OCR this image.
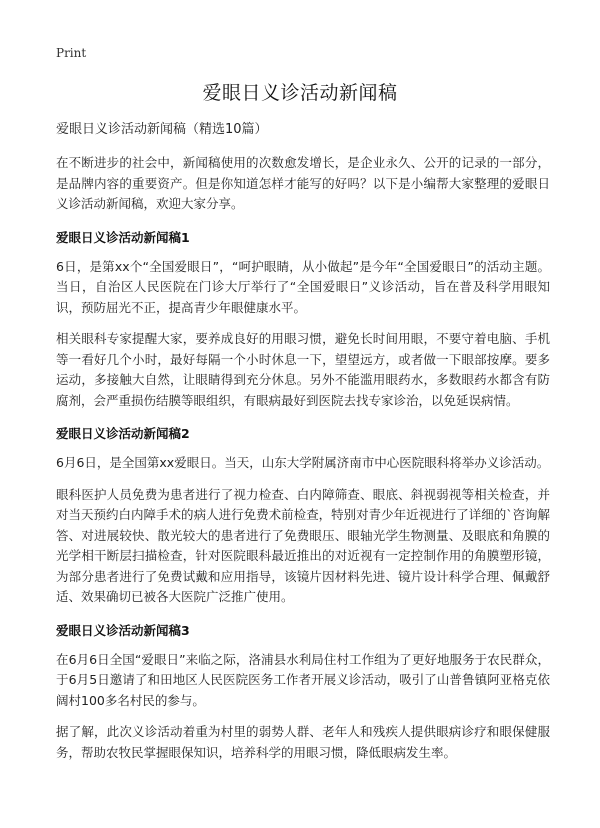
Print
爱眼日义诊活动新闻稿

爱眼日义诊活动新闻稿（精选10篇）

在不断进步的社会中，新闻稿使用的次数愈发增长，是企业永久、公开的记录的一部分，是品牌内容的重要资产。但是你知道怎样才能写的好吗？以下是小编帮大家整理的爱眼日义诊活动新闻稿，欢迎大家分享。

爱眼日义诊活动新闻稿1

6日，是第xx个“全国爱眼日”，“呵护眼睛，从小做起”是今年“全国爱眼日”的活动主题。当日，自治区人民医院在门诊大厅举行了“全国爱眼日”义诊活动，旨在普及科学用眼知识，预防屈光不正，提高青少年眼健康水平。

相关眼科专家提醒大家，要养成良好的用眼习惯，避免长时间用眼，不要守着电脑、手机等一看好几个小时，最好每隔一个小时休息一下，望望远方，或者做一下眼部按摩。要多运动，多接触大自然，让眼睛得到充分休息。另外不能滥用眼药水，多数眼药水都含有防腐剂，会严重损伤结膜等眼组织，有眼病最好到医院去找专家诊治，以免延误病情。

爱眼日义诊活动新闻稿2

6月6日，是全国第xx爱眼日。当天，山东大学附属济南市中心医院眼科将举办义诊活动。

眼科医护人员免费为患者进行了视力检查、白内障筛查、眼底、斜视弱视等相关检查，并对当天预约白内障手术的病人进行免费术前检查，特别对青少年近视进行了详细的`咨询解答、对进展较快、散光较大的患者进行了免费眼压、眼轴光学生物测量、及眼底和角膜的光学相干断层扫描检查，针对医院眼科最近推出的对近视有一定控制作用的角膜塑形镜，为部分患者进行了免费试戴和应用指导，该镜片因材料先进、镜片设计科学合理、佩戴舒适、效果确切已被各大医院广泛推广使用。

爱眼日义诊活动新闻稿3

在6月6日全国“爱眼日”来临之际，洛浦县水利局住村工作组为了更好地服务于农民群众，于6月5日邀请了和田地区人民医院医务工作者开展义诊活动，吸引了山普鲁镇阿亚格克依阔村100多名村民的参与。

据了解，此次义诊活动着重为村里的弱势人群、老年人和残疾人提供眼病诊疗和眼保健服务，帮助农牧民掌握眼保知识，培养科学的用眼习惯，降低眼病发生率。
